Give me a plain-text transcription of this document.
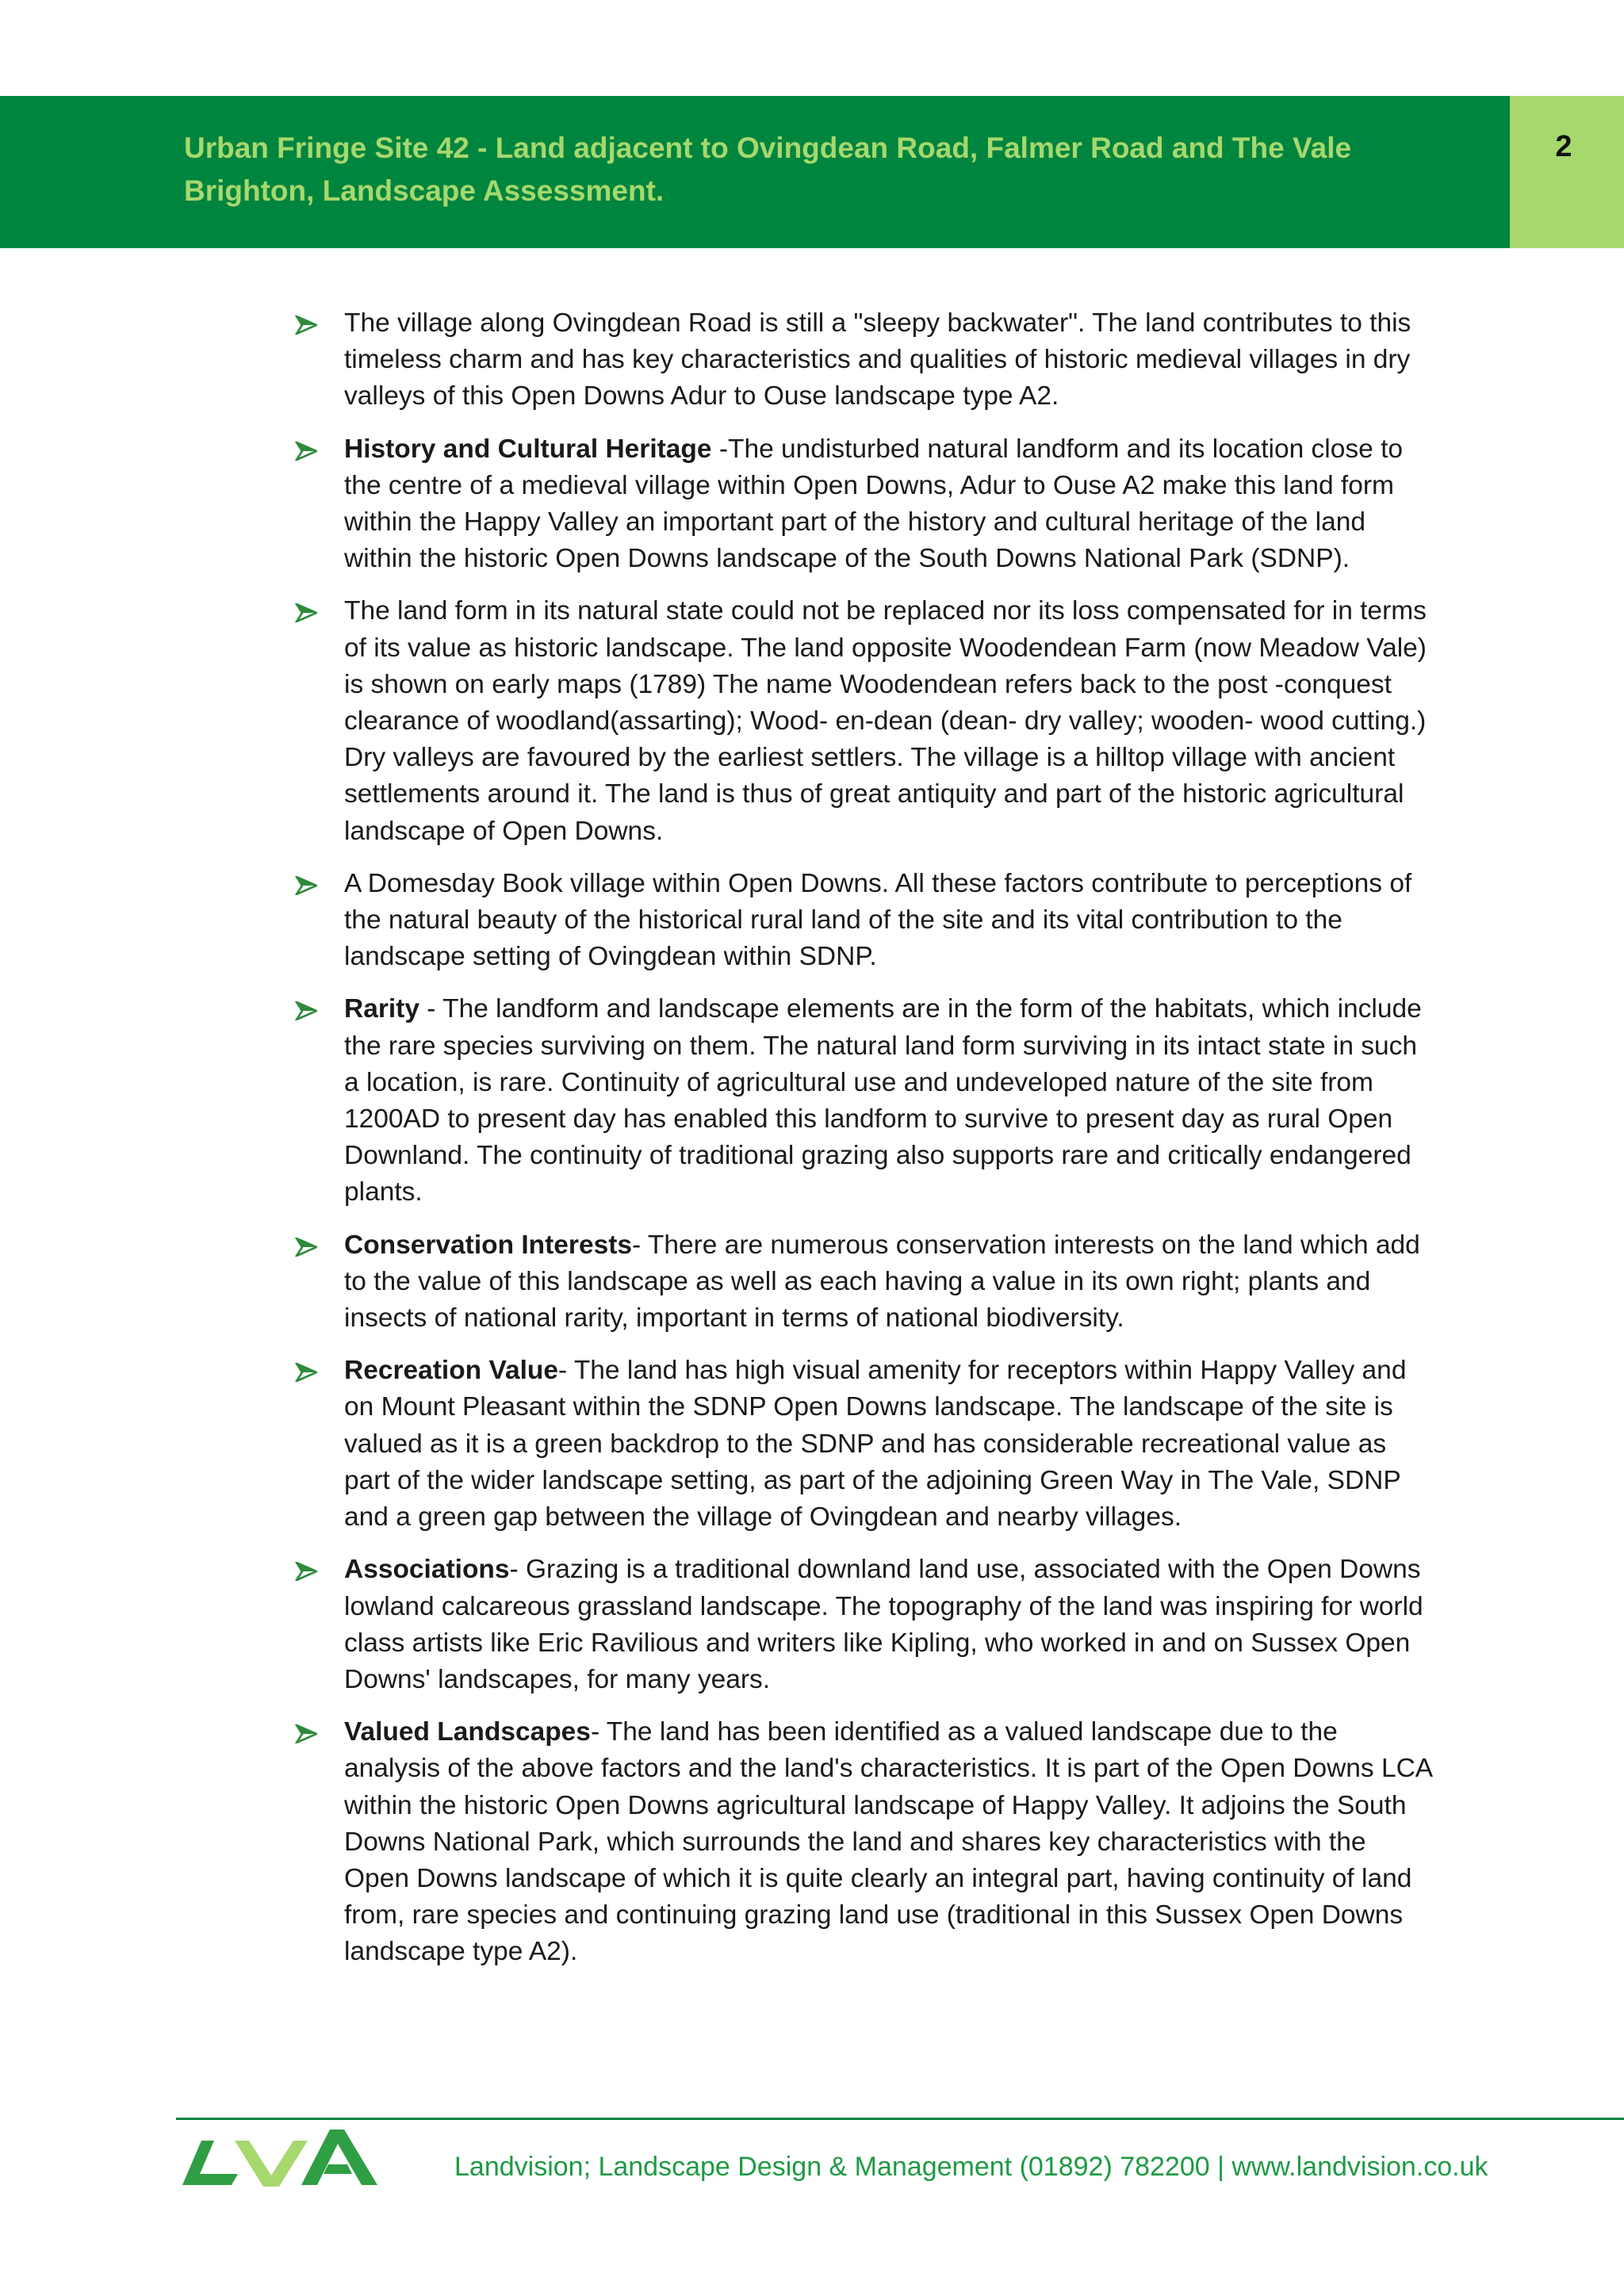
Urban Fringe Site 42 - Land adjacent to Ovingdean Road, Falmer Road and The Vale Brighton, Landscape Assessment.
2
The village along Ovingdean Road is still a "sleepy backwater". The land contributes to this timeless charm and has key characteristics and qualities of historic medieval villages in dry valleys of this Open Downs Adur to Ouse landscape type A2.
History and Cultural Heritage -The undisturbed natural landform and its location close to the centre of a medieval village within Open Downs, Adur to Ouse A2 make this land form within the Happy Valley an important part of the history and cultural heritage of the land within the historic Open Downs landscape of the South Downs National Park (SDNP).
The land form in its natural state could not be replaced nor its loss compensated for in terms of its value as historic landscape. The land opposite Woodendean Farm (now Meadow Vale) is shown on early maps (1789) The name Woodendean refers back to the post -conquest clearance of woodland(assarting); Wood- en-dean (dean- dry valley; wooden- wood cutting.) Dry valleys are favoured by the earliest settlers. The village is a hilltop village with ancient settlements around it. The land is thus of great antiquity and part of the historic agricultural landscape of Open Downs.
A Domesday Book village within Open Downs. All these factors contribute to perceptions of the natural beauty of the historical rural land of the site and its vital contribution to the landscape setting of Ovingdean within SDNP.
Rarity - The landform and landscape elements are in the form of the habitats, which include the rare species surviving on them. The natural land form surviving in its intact state in such a location, is rare. Continuity of agricultural use and undeveloped nature of the site from 1200AD to present day has enabled this landform to survive to present day as rural Open Downland. The continuity of traditional grazing also supports rare and critically endangered plants.
Conservation Interests- There are numerous conservation interests on the land which add to the value of this landscape as well as each having a value in its own right; plants and insects of national rarity, important in terms of national biodiversity.
Recreation Value- The land has high visual amenity for receptors within Happy Valley and on Mount Pleasant within the SDNP Open Downs landscape. The landscape of the site is valued as it is a green backdrop to the SDNP and has considerable recreational value as part of the wider landscape setting, as part of the adjoining Green Way in The Vale, SDNP and a green gap between the village of Ovingdean and nearby villages.
Associations- Grazing is a traditional downland land use, associated with the Open Downs lowland calcareous grassland landscape. The topography of the land was inspiring for world class artists like Eric Ravilious and writers like Kipling, who worked in and on Sussex Open Downs' landscapes, for many years.
Valued Landscapes- The land has been identified as a valued landscape due to the analysis of the above factors and the land's characteristics. It is part of the Open Downs LCA within the historic Open Downs agricultural landscape of Happy Valley. It adjoins the South Downs National Park, which surrounds the land and shares key characteristics with the Open Downs landscape of which it is quite clearly an integral part, having continuity of land from, rare species and continuing grazing land use (traditional in this Sussex Open Downs landscape type A2).
Landvision; Landscape Design & Management (01892) 782200 | www.landvision.co.uk
